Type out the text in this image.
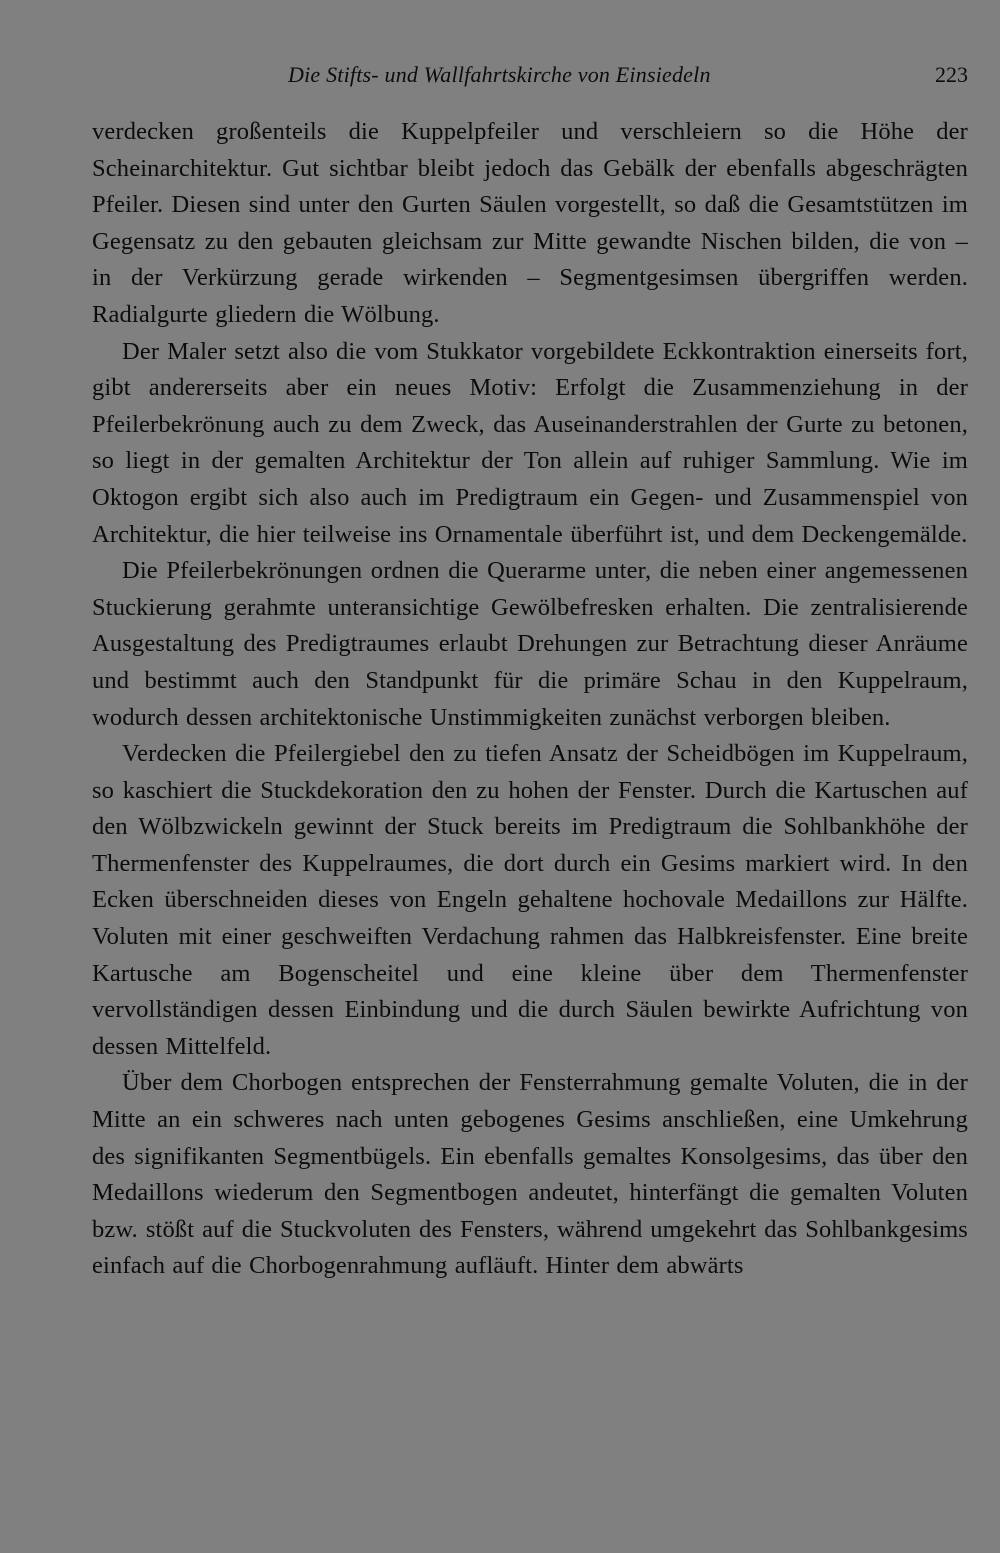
Die Stifts- und Wallfahrtskirche von Einsiedeln	223

verdecken großenteils die Kuppelpfeiler und verschleiern so die Höhe der Scheinarchitektur. Gut sichtbar bleibt jedoch das Gebälk der ebenfalls abgeschrägten Pfeiler. Diesen sind unter den Gurten Säulen vorgestellt, so daß die Gesamtstützen im Gegensatz zu den gebauten gleichsam zur Mitte gewandte Nischen bilden, die von – in der Verkürzung gerade wirkenden – Segmentgesimsen übergriffen werden. Radialgurte gliedern die Wölbung.

Der Maler setzt also die vom Stukkator vorgebildete Eckkontraktion einerseits fort, gibt andererseits aber ein neues Motiv: Erfolgt die Zusammenziehung in der Pfeilerbekrönung auch zu dem Zweck, das Auseinanderstrahlen der Gurte zu betonen, so liegt in der gemalten Architektur der Ton allein auf ruhiger Sammlung. Wie im Oktogon ergibt sich also auch im Predigtraum ein Gegen- und Zusammenspiel von Architektur, die hier teilweise ins Ornamentale überführt ist, und dem Deckengemälde.

Die Pfeilerbekrönungen ordnen die Querarme unter, die neben einer angemessenen Stuckierung gerahmte unteransichtige Gewölbefresken erhalten. Die zentralisierende Ausgestaltung des Predigtraumes erlaubt Drehungen zur Betrachtung dieser Anräume und bestimmt auch den Standpunkt für die primäre Schau in den Kuppelraum, wodurch dessen architektonische Unstimmigkeiten zunächst verborgen bleiben.

Verdecken die Pfeilergiebel den zu tiefen Ansatz der Scheidbögen im Kuppelraum, so kaschiert die Stuckdekoration den zu hohen der Fenster. Durch die Kartuschen auf den Wölbzwickeln gewinnt der Stuck bereits im Predigtraum die Sohlbankhöhe der Thermenfenster des Kuppelraumes, die dort durch ein Gesims markiert wird. In den Ecken überschneiden dieses von Engeln gehaltene hochovale Medaillons zur Hälfte. Voluten mit einer geschweiften Verdachung rahmen das Halbkreisfenster. Eine breite Kartusche am Bogenscheitel und eine kleine über dem Thermenfenster vervollständigen dessen Einbindung und die durch Säulen bewirkte Aufrichtung von dessen Mittelfeld.

Über dem Chorbogen entsprechen der Fensterrahmung gemalte Voluten, die in der Mitte an ein schweres nach unten gebogenes Gesims anschließen, eine Umkehrung des signifikanten Segmentbügels. Ein ebenfalls gemaltes Konsolgesims, das über den Medaillons wiederum den Segmentbogen andeutet, hinterfängt die gemalten Voluten bzw. stößt auf die Stuckvoluten des Fensters, während umgekehrt das Sohlbankgesims einfach auf die Chorbogenrahmung aufläuft. Hinter dem abwärts
